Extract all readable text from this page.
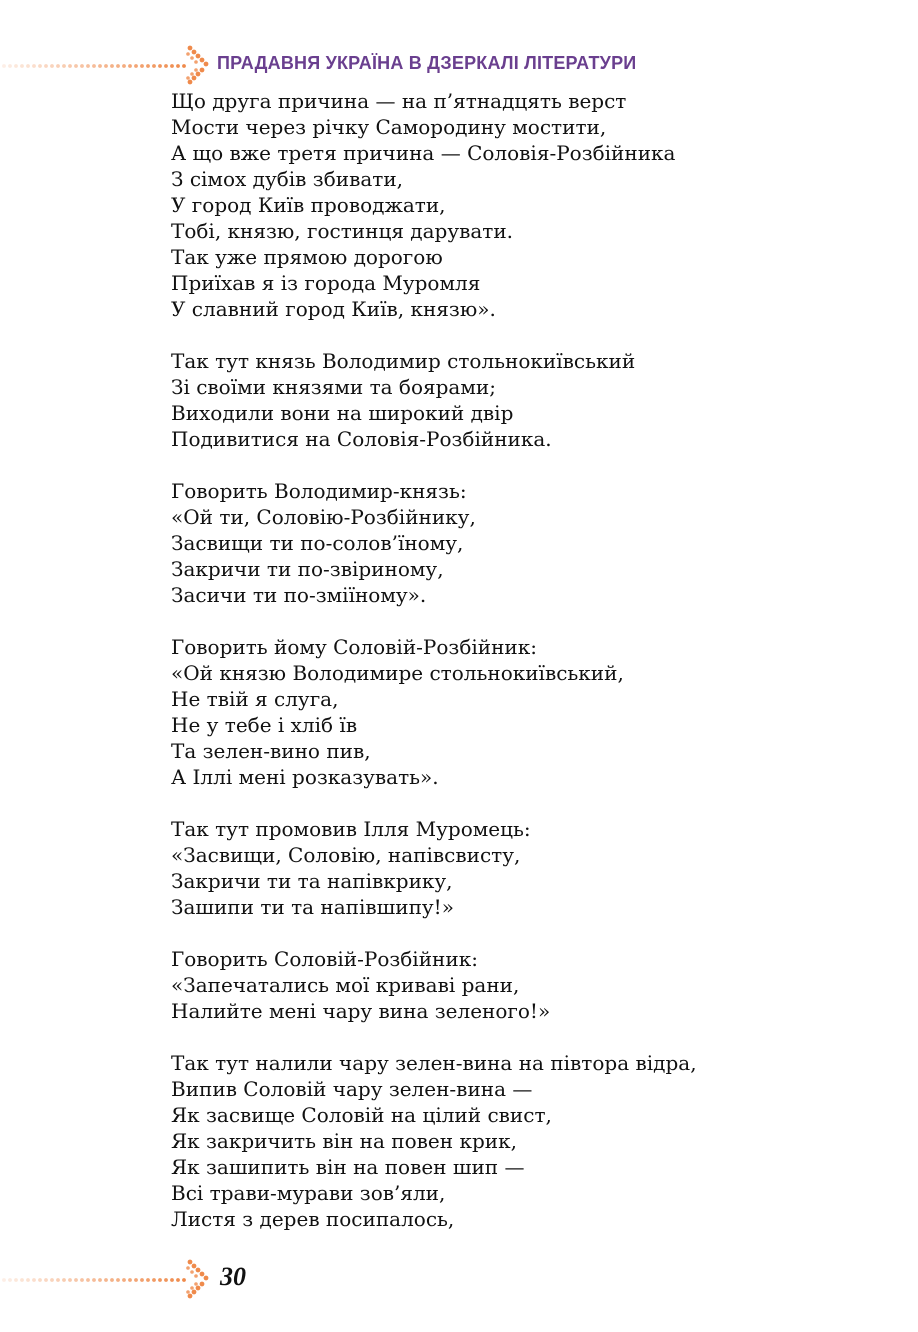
ПРАДАВНЯ УКРАЇНА В ДЗЕРКАЛІ ЛІТЕРАТУРИ
Що друга причина — на п’ятнадцять верст
Мости через річку Самородину мостити,
А що вже третя причина — Соловія-Розбійника
З сімох дубів збивати,
У город Київ проводжати,
Тобі, князю, гостинця дарувати.
Так уже прямою дорогою
Приїхав я із города Муромля
У славний город Київ, князю».
Так тут князь Володимир стольнокиївський
Зі своїми князями та боярами;
Виходили вони на широкий двір
Подивитися на Соловія-Розбійника.
Говорить Володимир-князь:
«Ой ти, Соловію-Розбійнику,
Засвищи ти по-солов’їному,
Закричи ти по-звіриному,
Засичи ти по-зміїному».
Говорить йому Соловій-Розбійник:
«Ой князю Володимире стольнокиївський,
Не твій я слуга,
Не у тебе і хліб їв
Та зелен-вино пив,
А Іллі мені розказувать».
Так тут промовив Ілля Муромець:
«Засвищи, Соловію, напівсвисту,
Закричи ти та напівкрику,
Зашипи ти та напівшипу!»
Говорить Соловій-Розбійник:
«Запечатались мої криваві рани,
Налийте мені чару вина зеленого!»
Так тут налили чару зелен-вина на півтора відра,
Випив Соловій чару зелен-вина —
Як засвище Соловій на цілий свист,
Як закричить він на повен крик,
Як зашипить він на повен шип —
Всі трави-мурави зов’яли,
Листя з дерев посипалось,
30
